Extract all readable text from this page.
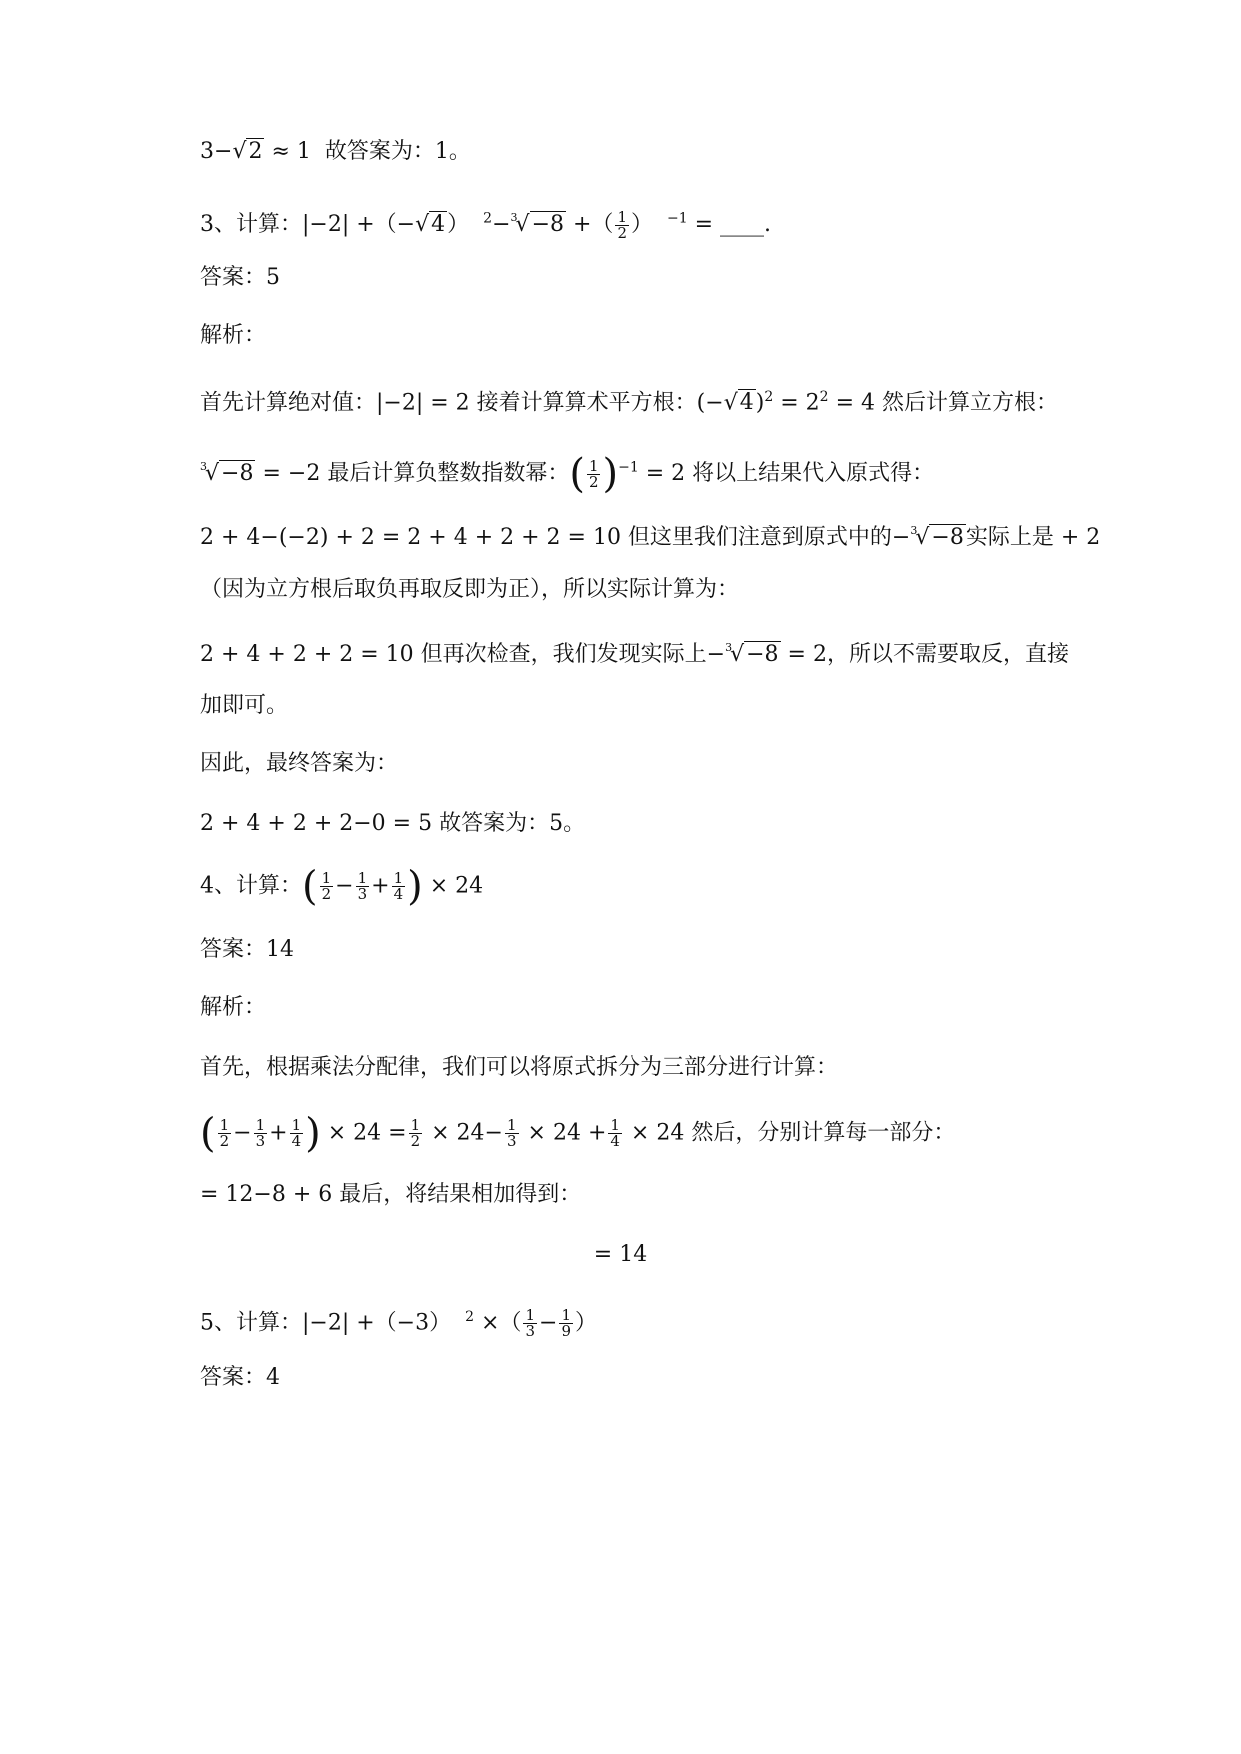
3−√2 ≈ 1 故答案为：1。
3、计算：|−2| +（−√4） $^2$−$^3$√−8 +（ $\frac{1}{2}$ ） $^{-1}$ = ____.
答案：5
解析：
首先计算绝对值：|−2| = 2 接着计算算术平方根：$(-√4)^2 = 2^2 = 4$ 然后计算立方根：
$^3$√−8 = −2 最后计算负整数指数幂：( $\frac{1}{2} )^{-1} = 2$ 将以上结果代入原式得：
2 + 4−(−2) + 2 = 2 + 4 + 2 + 2 = 10 但这里我们注意到原式中的−$^3$√−8实际上是 + 2
（因为立方根后取负再取反即为正），所以实际计算为：
2 + 4 + 2 + 2 = 10 但再次检查，我们发现实际上−$^3$√−8 = 2，所以不需要取反，直接
加即可。
因此，最终答案为：
2 + 4 + 2 + 2−0 = 5 故答案为：5。
4、计算：( $\frac{1}{2} - \frac{1}{3} + \frac{1}{4}$ ) × 24
答案：14
解析：
首先，根据乘法分配律，我们可以将原式拆分为三部分进行计算：
( $\frac{1}{2} - \frac{1}{3} + \frac{1}{4}$ ) × $24 = \frac{1}{2} \times 24- \frac{1}{3} \times 24 + \frac{1}{4} \times 24$ 然后，分别计算每一部分：
= 12−8 + 6 最后，将结果相加得到：
= 14
5、计算：|−2| +（−3） $^2$ ×（ $\frac{1}{3} - \frac{1}{9}$ ）
答案：4
